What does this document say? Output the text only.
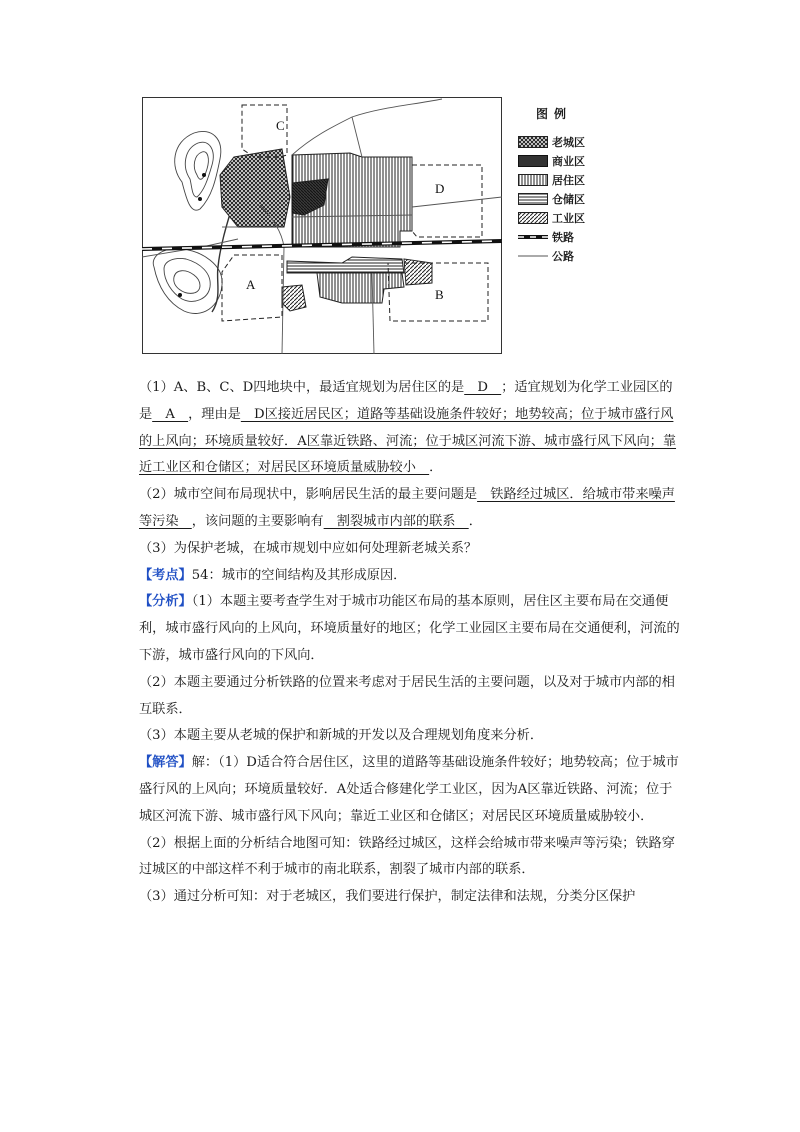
C
D
A
B
图例
老城区
商业区
居住区
仓储区
工业区
铁路
公路

（1）A、B、C、D四地块中，最适宜规划为居住区的是　D　；适宜规划为化学工业园区的是　A　，理由是　D区接近居民区；道路等基础设施条件较好；地势较高；位于城市盛行风的上风向；环境质量较好．A区靠近铁路、河流；位于城区河流下游、城市盛行风下风向；靠近工业区和仓储区；对居民区环境质量威胁较小　．

（2）城市空间布局现状中，影响居民生活的最主要问题是　铁路经过城区．给城市带来噪声等污染　，该问题的主要影响有　割裂城市内部的联系　．

（3）为保护老城，在城市规划中应如何处理新老城关系？

【考点】54：城市的空间结构及其形成原因．

【分析】（1）本题主要考查学生对于城市功能区布局的基本原则，居住区主要布局在交通便利，城市盛行风向的上风向，环境质量好的地区；化学工业园区主要布局在交通便利，河流的下游，城市盛行风向的下风向．

（2）本题主要通过分析铁路的位置来考虑对于居民生活的主要问题，以及对于城市内部的相互联系．

（3）本题主要从老城的保护和新城的开发以及合理规划角度来分析．

【解答】解：（1）D适合符合居住区，这里的道路等基础设施条件较好；地势较高；位于城市盛行风的上风向；环境质量较好．A处适合修建化学工业区，因为A区靠近铁路、河流；位于城区河流下游、城市盛行风下风向；靠近工业区和仓储区；对居民区环境质量威胁较小．

（2）根据上面的分析结合地图可知：铁路经过城区，这样会给城市带来噪声等污染；铁路穿过城区的中部这样不利于城市的南北联系，割裂了城市内部的联系．

（3）通过分析可知：对于老城区，我们要进行保护，制定法律和法规，分类分区保护
